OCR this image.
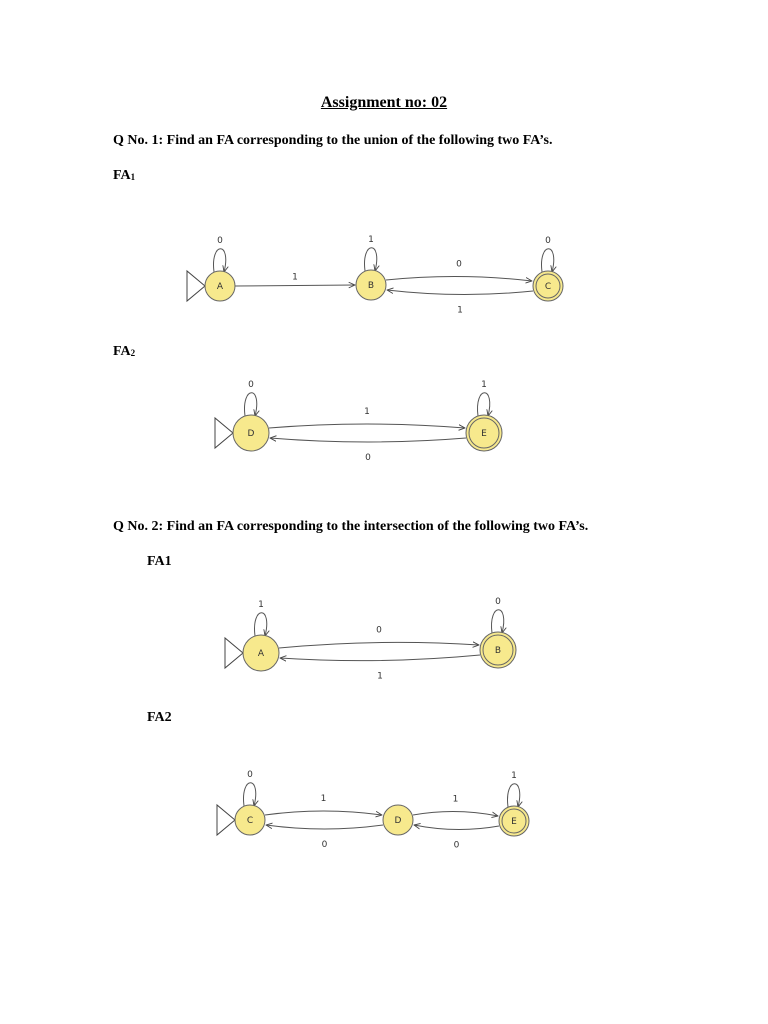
Assignment no: 02
Q No. 1: Find an FA corresponding to the union of the following two FA’s.
$FA_1$
0
1
1
0
1
0
A	B	C
0
1
0
1
D	E
1
0
1
0
A	B
0
1
0
1
0
1
C	D	E
$FA_2$
Q No. 2: Find an FA corresponding to the intersection of the following two FA’s.
FA1
FA2
